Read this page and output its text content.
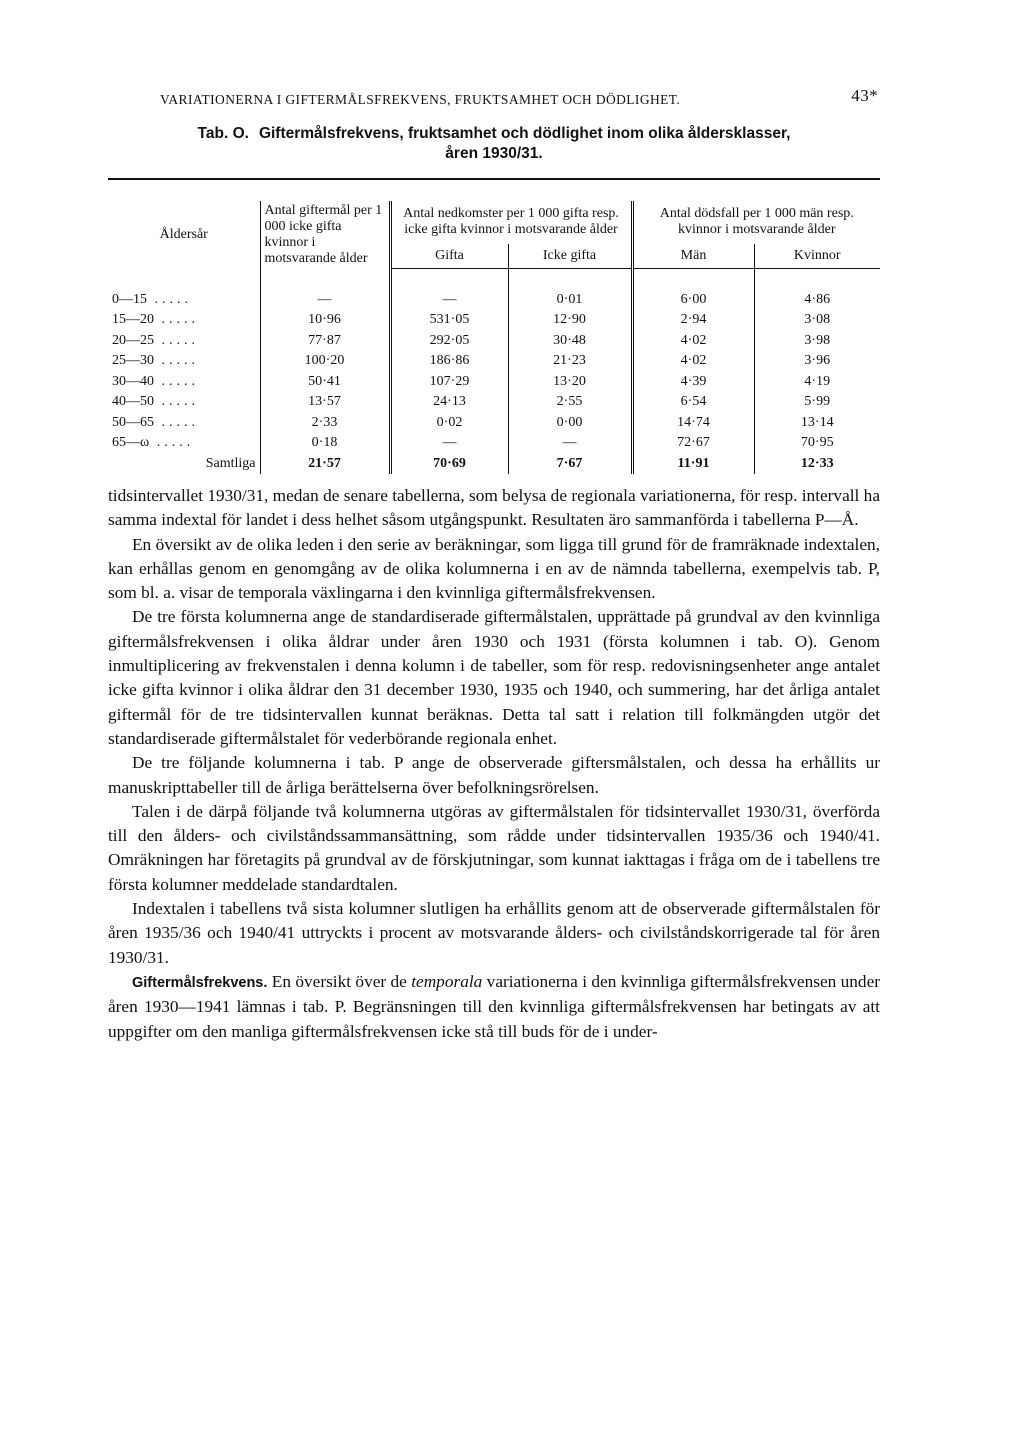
VARIATIONERNA I GIFTERMÅLSFREKVENS, FRUKTSAMHET OCH DÖDLIGHET.	43*
Tab. O. Giftermålsfrekvens, fruktsamhet och dödlighet inom olika åldersklasser,
åren 1930/31.

Åldersår	Antal giftermål per 1 000 icke gifta kvinnor i motsvarande ålder	Antal nedkomster per 1 000 gifta resp. icke gifta kvinnor i motsvarande ålder		Antal dödsfall per 1 000 män resp. kvinnor i motsvarande ålder	
		Gifta	Icke gifta	Män	Kvinnor

0—15 .....	—	—	0·01	6·00	4·86
15—20 .....	10·96	531·05	12·90	2·94	3·08
20—25 .....	77·87	292·05	30·48	4·02	3·98
25—30 .....	100·20	186·86	21·23	4·02	3·96
30—40 .....	50·41	107·29	13·20	4·39	4·19
40—50 .....	13·57	24·13	2·55	6·54	5·99
50—65 .....	2·33	0·02	0·00	14·74	13·14
65—ω .....	0·18	—	—	72·67	70·95
Samtliga	21·57	70·69	7·67	11·91	12·33

tidsintervallet 1930/31, medan de senare tabellerna, som belysa de regionala variationerna, för resp. intervall ha samma indextal för landet i dess helhet såsom utgångspunkt. Resultaten äro sammanförda i tabellerna P—Å.

En översikt av de olika leden i den serie av beräkningar, som ligga till grund för de framräknade indextalen, kan erhållas genom en genomgång av de olika kolumnerna i en av de nämnda tabellerna, exempelvis tab. P, som bl. a. visar de temporala växlingarna i den kvinnliga giftermålsfrekvensen.

De tre första kolumnerna ange de standardiserade giftermålstalen, upprättade på grundval av den kvinnliga giftermålsfrekvensen i olika åldrar under åren 1930 och 1931 (första kolumnen i tab. O). Genom inmultiplicering av frekvenstalen i denna kolumn i de tabeller, som för resp. redovisningsenheter ange antalet icke gifta kvinnor i olika åldrar den 31 december 1930, 1935 och 1940, och summering, har det årliga antalet giftermål för de tre tidsintervallen kunnat beräknas. Detta tal satt i relation till folkmängden utgör det standardiserade giftermålstalet för vederbörande regionala enhet.

De tre följande kolumnerna i tab. P ange de observerade giftersmålstalen, och dessa ha erhållits ur manuskripttabeller till de årliga berättelserna över befolkningsrörelsen.

Talen i de därpå följande två kolumnerna utgöras av giftermålstalen för tidsintervallet 1930/31, överförda till den ålders- och civilståndssammansättning, som rådde under tidsintervallen 1935/36 och 1940/41. Omräkningen har företagits på grundval av de förskjutningar, som kunnat iakttagas i fråga om de i tabellens tre första kolumner meddelade standardtalen.

Indextalen i tabellens två sista kolumner slutligen ha erhållits genom att de observerade giftermålstalen för åren 1935/36 och 1940/41 uttryckts i procent av motsvarande ålders- och civilståndskorrigerade tal för åren 1930/31.

Giftermålsfrekvens. En översikt över de temporala variationerna i den kvinnliga giftermålsfrekvensen under åren 1930—1941 lämnas i tab. P. Begränsningen till den kvinnliga giftermålsfrekvensen har betingats av att uppgifter om den manliga giftermålsfrekvensen icke stå till buds för de i under-
